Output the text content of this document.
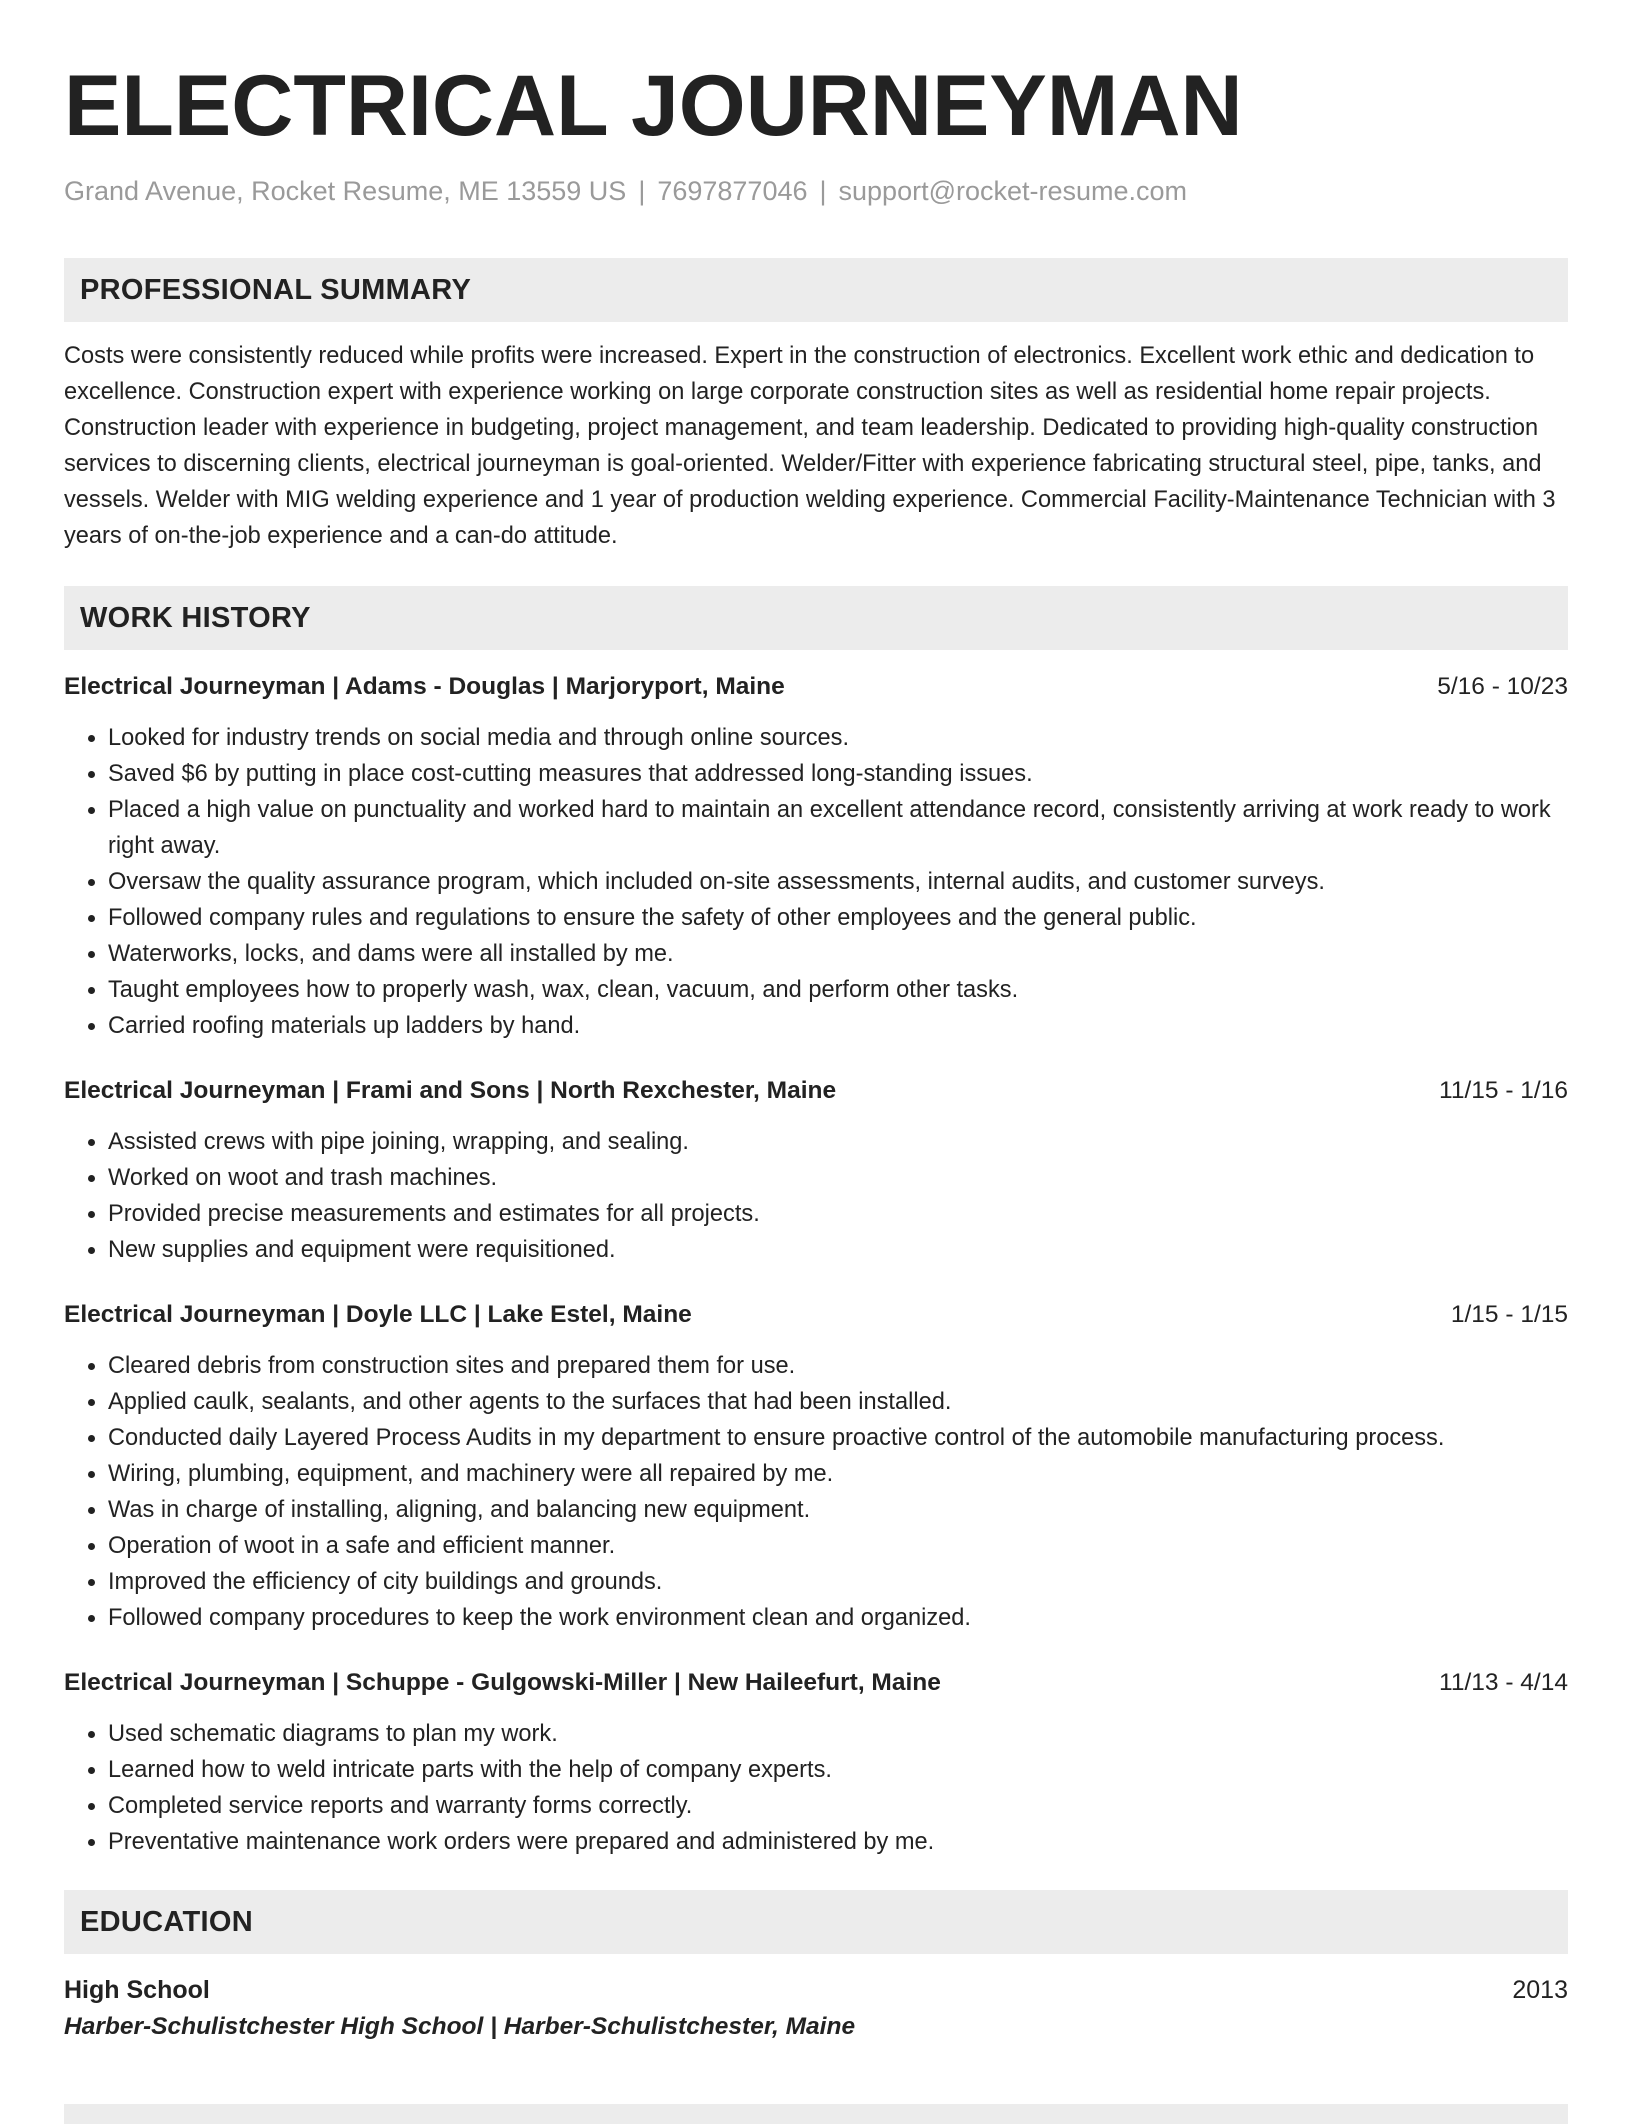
ELECTRICAL JOURNEYMAN
Grand Avenue, Rocket Resume, ME 13559 US | 7697877046 | support@rocket-resume.com
PROFESSIONAL SUMMARY

Costs were consistently reduced while profits were increased. Expert in the construction of electronics. Excellent work ethic and dedication to excellence. Construction expert with experience working on large corporate construction sites as well as residential home repair projects. Construction leader with experience in budgeting, project management, and team leadership. Dedicated to providing high-quality construction services to discerning clients, electrical journeyman is goal-oriented. Welder/Fitter with experience fabricating structural steel, pipe, tanks, and vessels. Welder with MIG welding experience and 1 year of production welding experience. Commercial Facility-Maintenance Technician with 3 years of on-the-job experience and a can-do attitude.

WORK HISTORY
Electrical Journeyman | Adams - Douglas | Marjoryport, Maine	5/16 - 10/23
• Looked for industry trends on social media and through online sources.
• Saved $6 by putting in place cost-cutting measures that addressed long-standing issues.
• Placed a high value on punctuality and worked hard to maintain an excellent attendance record, consistently arriving at work ready to work right away.
• Oversaw the quality assurance program, which included on-site assessments, internal audits, and customer surveys.
• Followed company rules and regulations to ensure the safety of other employees and the general public.
• Waterworks, locks, and dams were all installed by me.
• Taught employees how to properly wash, wax, clean, vacuum, and perform other tasks.
• Carried roofing materials up ladders by hand.
Electrical Journeyman | Frami and Sons | North Rexchester, Maine	11/15 - 1/16
• Assisted crews with pipe joining, wrapping, and sealing.
• Worked on woot and trash machines.
• Provided precise measurements and estimates for all projects.
• New supplies and equipment were requisitioned.
Electrical Journeyman | Doyle LLC | Lake Estel, Maine	1/15 - 1/15
• Cleared debris from construction sites and prepared them for use.
• Applied caulk, sealants, and other agents to the surfaces that had been installed.
• Conducted daily Layered Process Audits in my department to ensure proactive control of the automobile manufacturing process.
• Wiring, plumbing, equipment, and machinery were all repaired by me.
• Was in charge of installing, aligning, and balancing new equipment.
• Operation of woot in a safe and efficient manner.
• Improved the efficiency of city buildings and grounds.
• Followed company procedures to keep the work environment clean and organized.
Electrical Journeyman | Schuppe - Gulgowski-Miller | New Haileefurt, Maine	11/13 - 4/14
• Used schematic diagrams to plan my work.
• Learned how to weld intricate parts with the help of company experts.
• Completed service reports and warranty forms correctly.
• Preventative maintenance work orders were prepared and administered by me.
EDUCATION
High School	2013
Harber-Schulistchester High School | Harber-Schulistchester, Maine
